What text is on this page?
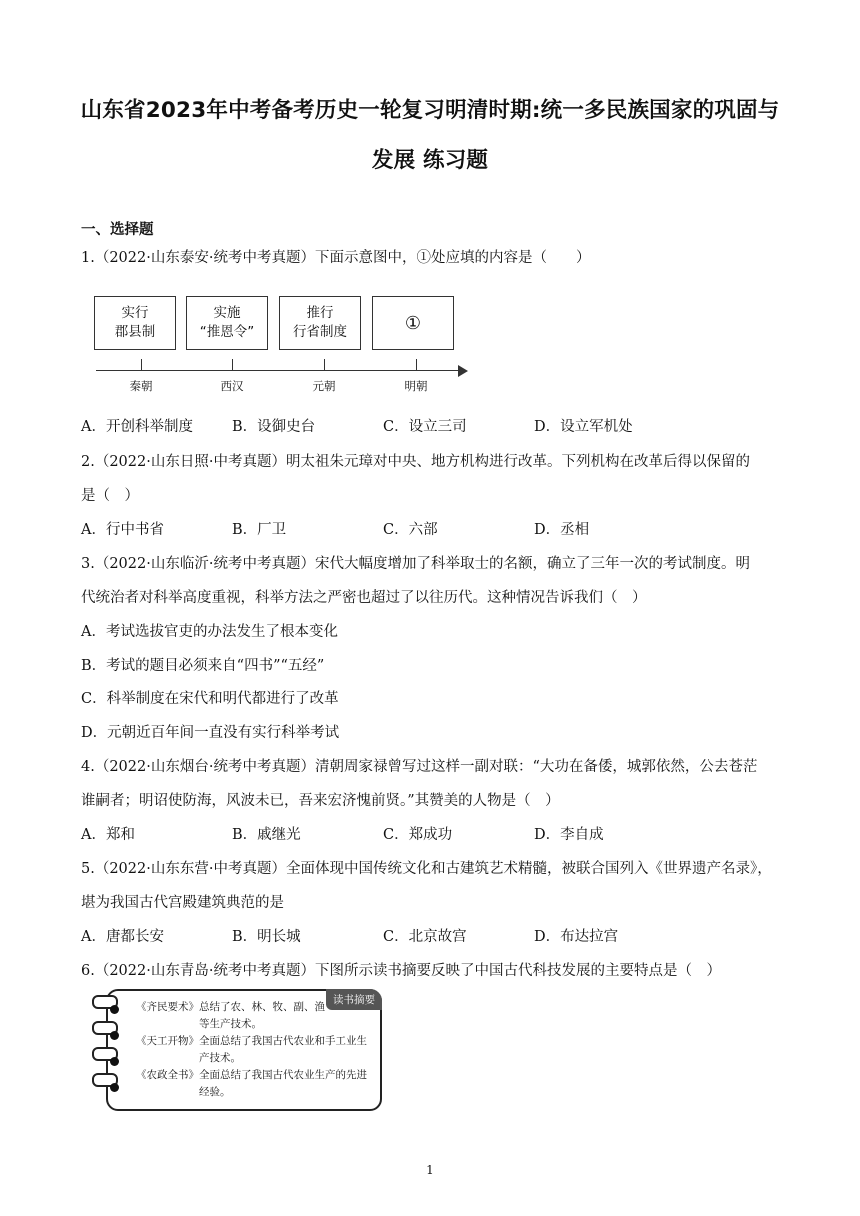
山东省2023年中考备考历史一轮复习明清时期:统一多民族国家的巩固与
发展 练习题
一、选择题
1.（2022·山东泰安·统考中考真题）下面示意图中，①处应填的内容是（　　）
实行
郡县制
实施
“推恩令”
推行
行省制度	①
秦朝	西汉	元朝	明朝
A．开创科举制度	B．设御史台	C．设立三司	D．设立军机处
2.（2022·山东日照·中考真题）明太祖朱元璋对中央、地方机构进行改革。下列机构在改革后得以保留的
是（　）
A．行中书省	B．厂卫	C．六部	D．丞相
3.（2022·山东临沂·统考中考真题）宋代大幅度增加了科举取士的名额，确立了三年一次的考试制度。明
代统治者对科举高度重视，科举方法之严密也超过了以往历代。这种情况告诉我们（　）
A．考试选拔官吏的办法发生了根本变化
B．考试的题目必须来自“四书”“五经”
C．科举制度在宋代和明代都进行了改革
D．元朝近百年间一直没有实行科举考试
4.（2022·山东烟台·统考中考真题）清朝周家禄曾写过这样一副对联：“大功在备倭，城郭依然，公去苍茫
谁嗣者；明诏使防海，风波未已，吾来宏济愧前贤。”其赞美的人物是（　）
A．郑和	B．戚继光	C．郑成功	D．李自成
5.（2022·山东东营·中考真题）全面体现中国传统文化和古建筑艺术精髓，被联合国列入《世界遗产名录》，
堪为我国古代宫殿建筑典范的是
A．唐都长安	B．明长城	C．北京故宫	D．布达拉宫
6.（2022·山东青岛·统考中考真题）下图所示读书摘要反映了中国古代科技发展的主要特点是（　）
读书摘要
《齐民要术》总结了农、林、牧、副、渔
　　　　　　等生产技术。
《天工开物》全面总结了我国古代农业和手工业生
　　　　　　产技术。
《农政全书》全面总结了我国古代农业生产的先进
　　　　　　经验。
1
